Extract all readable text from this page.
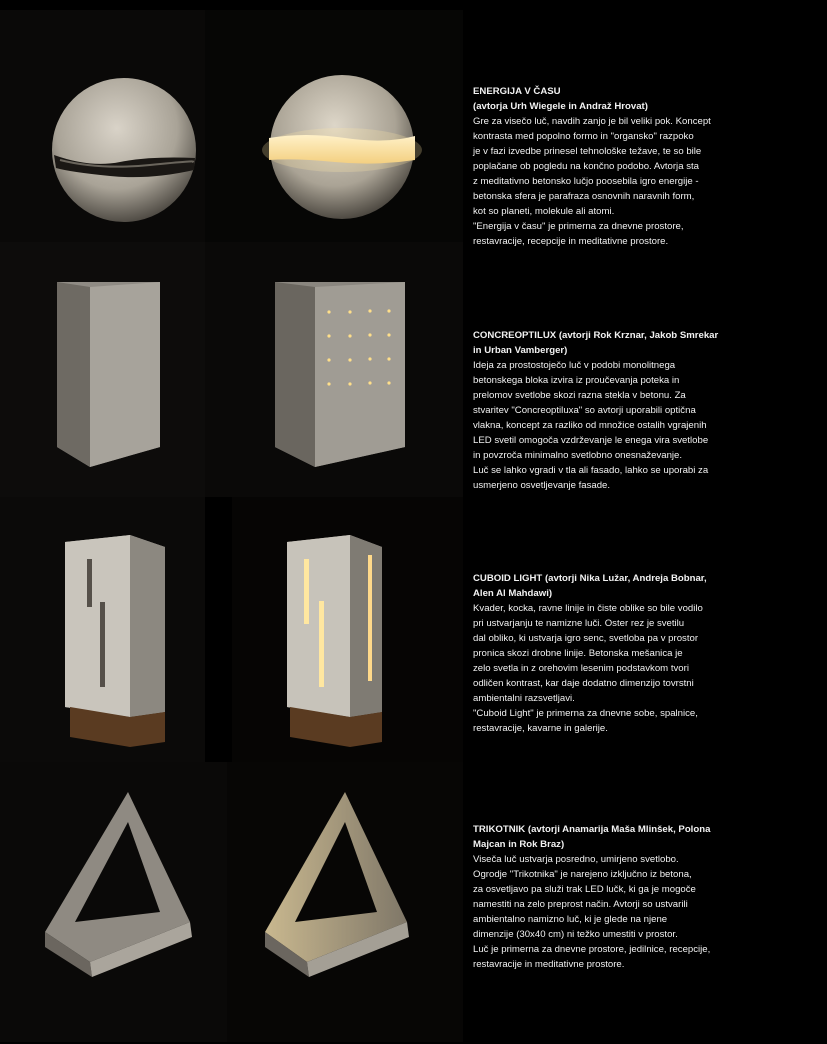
ENERGIJA V ČASU
(avtorja Urh Wiegele in Andraž Hrovat)
Gre za visečo luč, navdih zanjo je bil veliki pok. Koncept
kontrasta med popolno formo in "organsko" razpoko
je v fazi izvedbe prinesel tehnološke težave, te so bile
poplačane ob pogledu na končno podobo. Avtorja sta
z meditativno betonsko lučjo poosebila igro energije -
betonska sfera je parafraza osnovnih naravnih form,
kot so planeti, molekule ali atomi.
"Energija v času" je primerna za dnevne prostore,
restavracije, recepcije in meditativne prostore.
CONCREOPTILUX (avtorji Rok Krznar, Jakob Smrekar
in Urban Vamberger)
Ideja za prostostoječo luč v podobi monolitnega
betonskega bloka izvira iz proučevanja poteka in
prelomov svetlobe skozi razna stekla v betonu. Za
stvaritev "Concreoptiluxa" so avtorji uporabili optična
vlakna, koncept za razliko od množice ostalih vgrajenih
LED svetil omogoča vzdrževanje le enega vira svetlobe
in povzroča minimalno svetlobno onesnaževanje.
Luč se lahko vgradi v tla ali fasado, lahko se uporabi za
usmerjeno osvetljevanje fasade.
CUBOID LIGHT (avtorji Nika Lužar, Andreja Bobnar,
Alen Al Mahdawi)
Kvader, kocka, ravne linije in čiste oblike so bile vodilo
pri ustvarjanju te namizne luči. Oster rez je svetilu
dal obliko, ki ustvarja igro senc, svetloba pa v prostor
pronica skozi drobne linije. Betonska mešanica je
zelo svetla in z orehovim lesenim podstavkom tvori
odličen kontrast, kar daje dodatno dimenzijo tovrstni
ambientalni razsvetljavi.
"Cuboid Light" je primerna za dnevne sobe, spalnice,
restavracije, kavarne in galerije.
TRIKOTNIK (avtorji Anamarija Maša Mlinšek, Polona
Majcan in Rok Braz)
Viseča luč ustvarja posredno, umirjeno svetlobo.
Ogrodje "Trikotnika" je narejeno izključno iz betona,
za osvetljavo pa služi trak LED lučk, ki ga je mogoče
namestiti na zelo preprost način. Avtorji so ustvarili
ambientalno namizno luč, ki je glede na njene
dimenzije (30x40 cm) ni težko umestiti v prostor.
Luč je primerna za dnevne prostore, jedilnice, recepcije,
restavracije in meditativne prostore.
